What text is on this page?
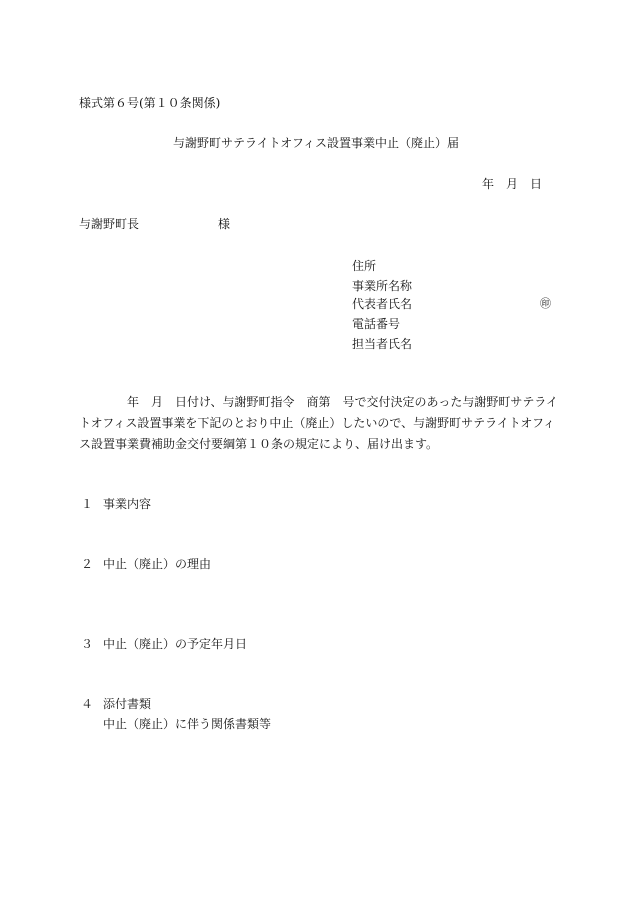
様式第６号(第１０条関係)
与謝野町サテライトオフィス設置事業中止（廃止）届
年　月　日
与謝野町長	様
住所
事業所名称
代表者氏名	㊞
電話番号
担当者氏名
年　月　日付け、与謝野町指令　商第　号で交付決定のあった与謝野町サテライ
トオフィス設置事業を下記のとおり中止（廃止）したいので、与謝野町サテライトオフィ
ス設置事業費補助金交付要綱第１０条の規定により、届け出ます。
１ 事業内容
２ 中止（廃止）の理由
３ 中止（廃止）の予定年月日
４ 添付書類
中止（廃止）に伴う関係書類等
